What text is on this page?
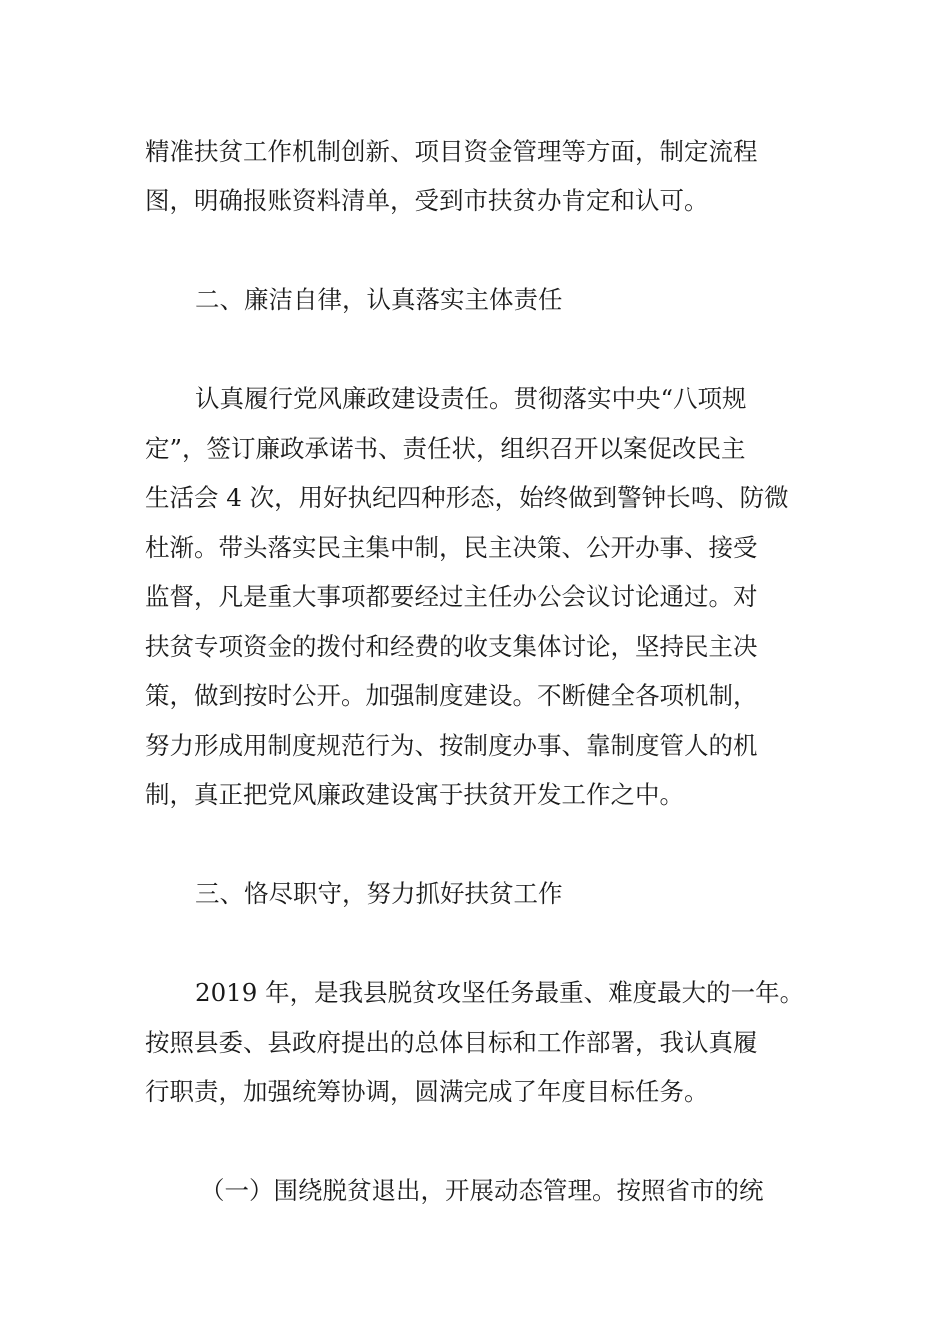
精准扶贫工作机制创新、项目资金管理等方面，制定流程
图，明确报账资料清单，受到市扶贫办肯定和认可。
二、廉洁自律，认真落实主体责任
认真履行党风廉政建设责任。贯彻落实中央“八项规
定”，签订廉政承诺书、责任状，组织召开以案促改民主
生活会 4 次，用好执纪四种形态，始终做到警钟长鸣、防微
杜渐。带头落实民主集中制，民主决策、公开办事、接受
监督，凡是重大事项都要经过主任办公会议讨论通过。对
扶贫专项资金的拨付和经费的收支集体讨论，坚持民主决
策，做到按时公开。加强制度建设。不断健全各项机制，
努力形成用制度规范行为、按制度办事、靠制度管人的机
制，真正把党风廉政建设寓于扶贫开发工作之中。
三、恪尽职守，努力抓好扶贫工作
2019 年，是我县脱贫攻坚任务最重、难度最大的一年。
按照县委、县政府提出的总体目标和工作部署，我认真履
行职责，加强统筹协调，圆满完成了年度目标任务。
（一）围绕脱贫退出，开展动态管理。按照省市的统
